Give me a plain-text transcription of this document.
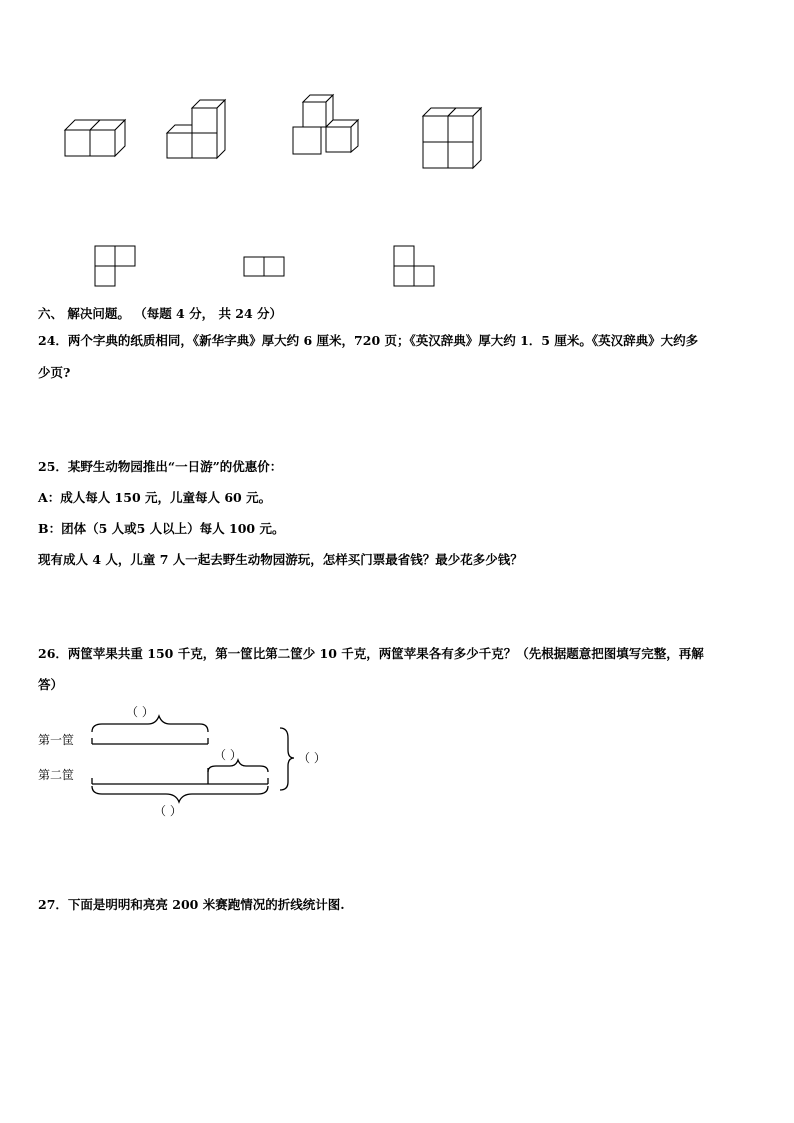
六、 解决问题。 （每题 4 分， 共 24 分）
24．两个字典的纸质相同，《新华字典》厚大约 6 厘米，720 页；《英汉辞典》厚大约 1．5 厘米。《英汉辞典》大约多
少页?
25．某野生动物园推出“一日游”的优惠价：
A：成人每人 150 元，儿童每人 60 元。
B：团体（5 人或5 人以上）每人 100 元。
现有成人 4 人，儿童 7 人一起去野生动物园游玩，怎样买门票最省钱？最少花多少钱？
26．两筐苹果共重 150 千克，第一筐比第二筐少 10 千克，两筐苹果各有多少千克？（先根据题意把图填写完整，再解
答）
（ ）
第一筐
（ ）	（ ）
第二筐
（ ）
27．下面是明明和亮亮 200 米赛跑情况的折线统计图.
